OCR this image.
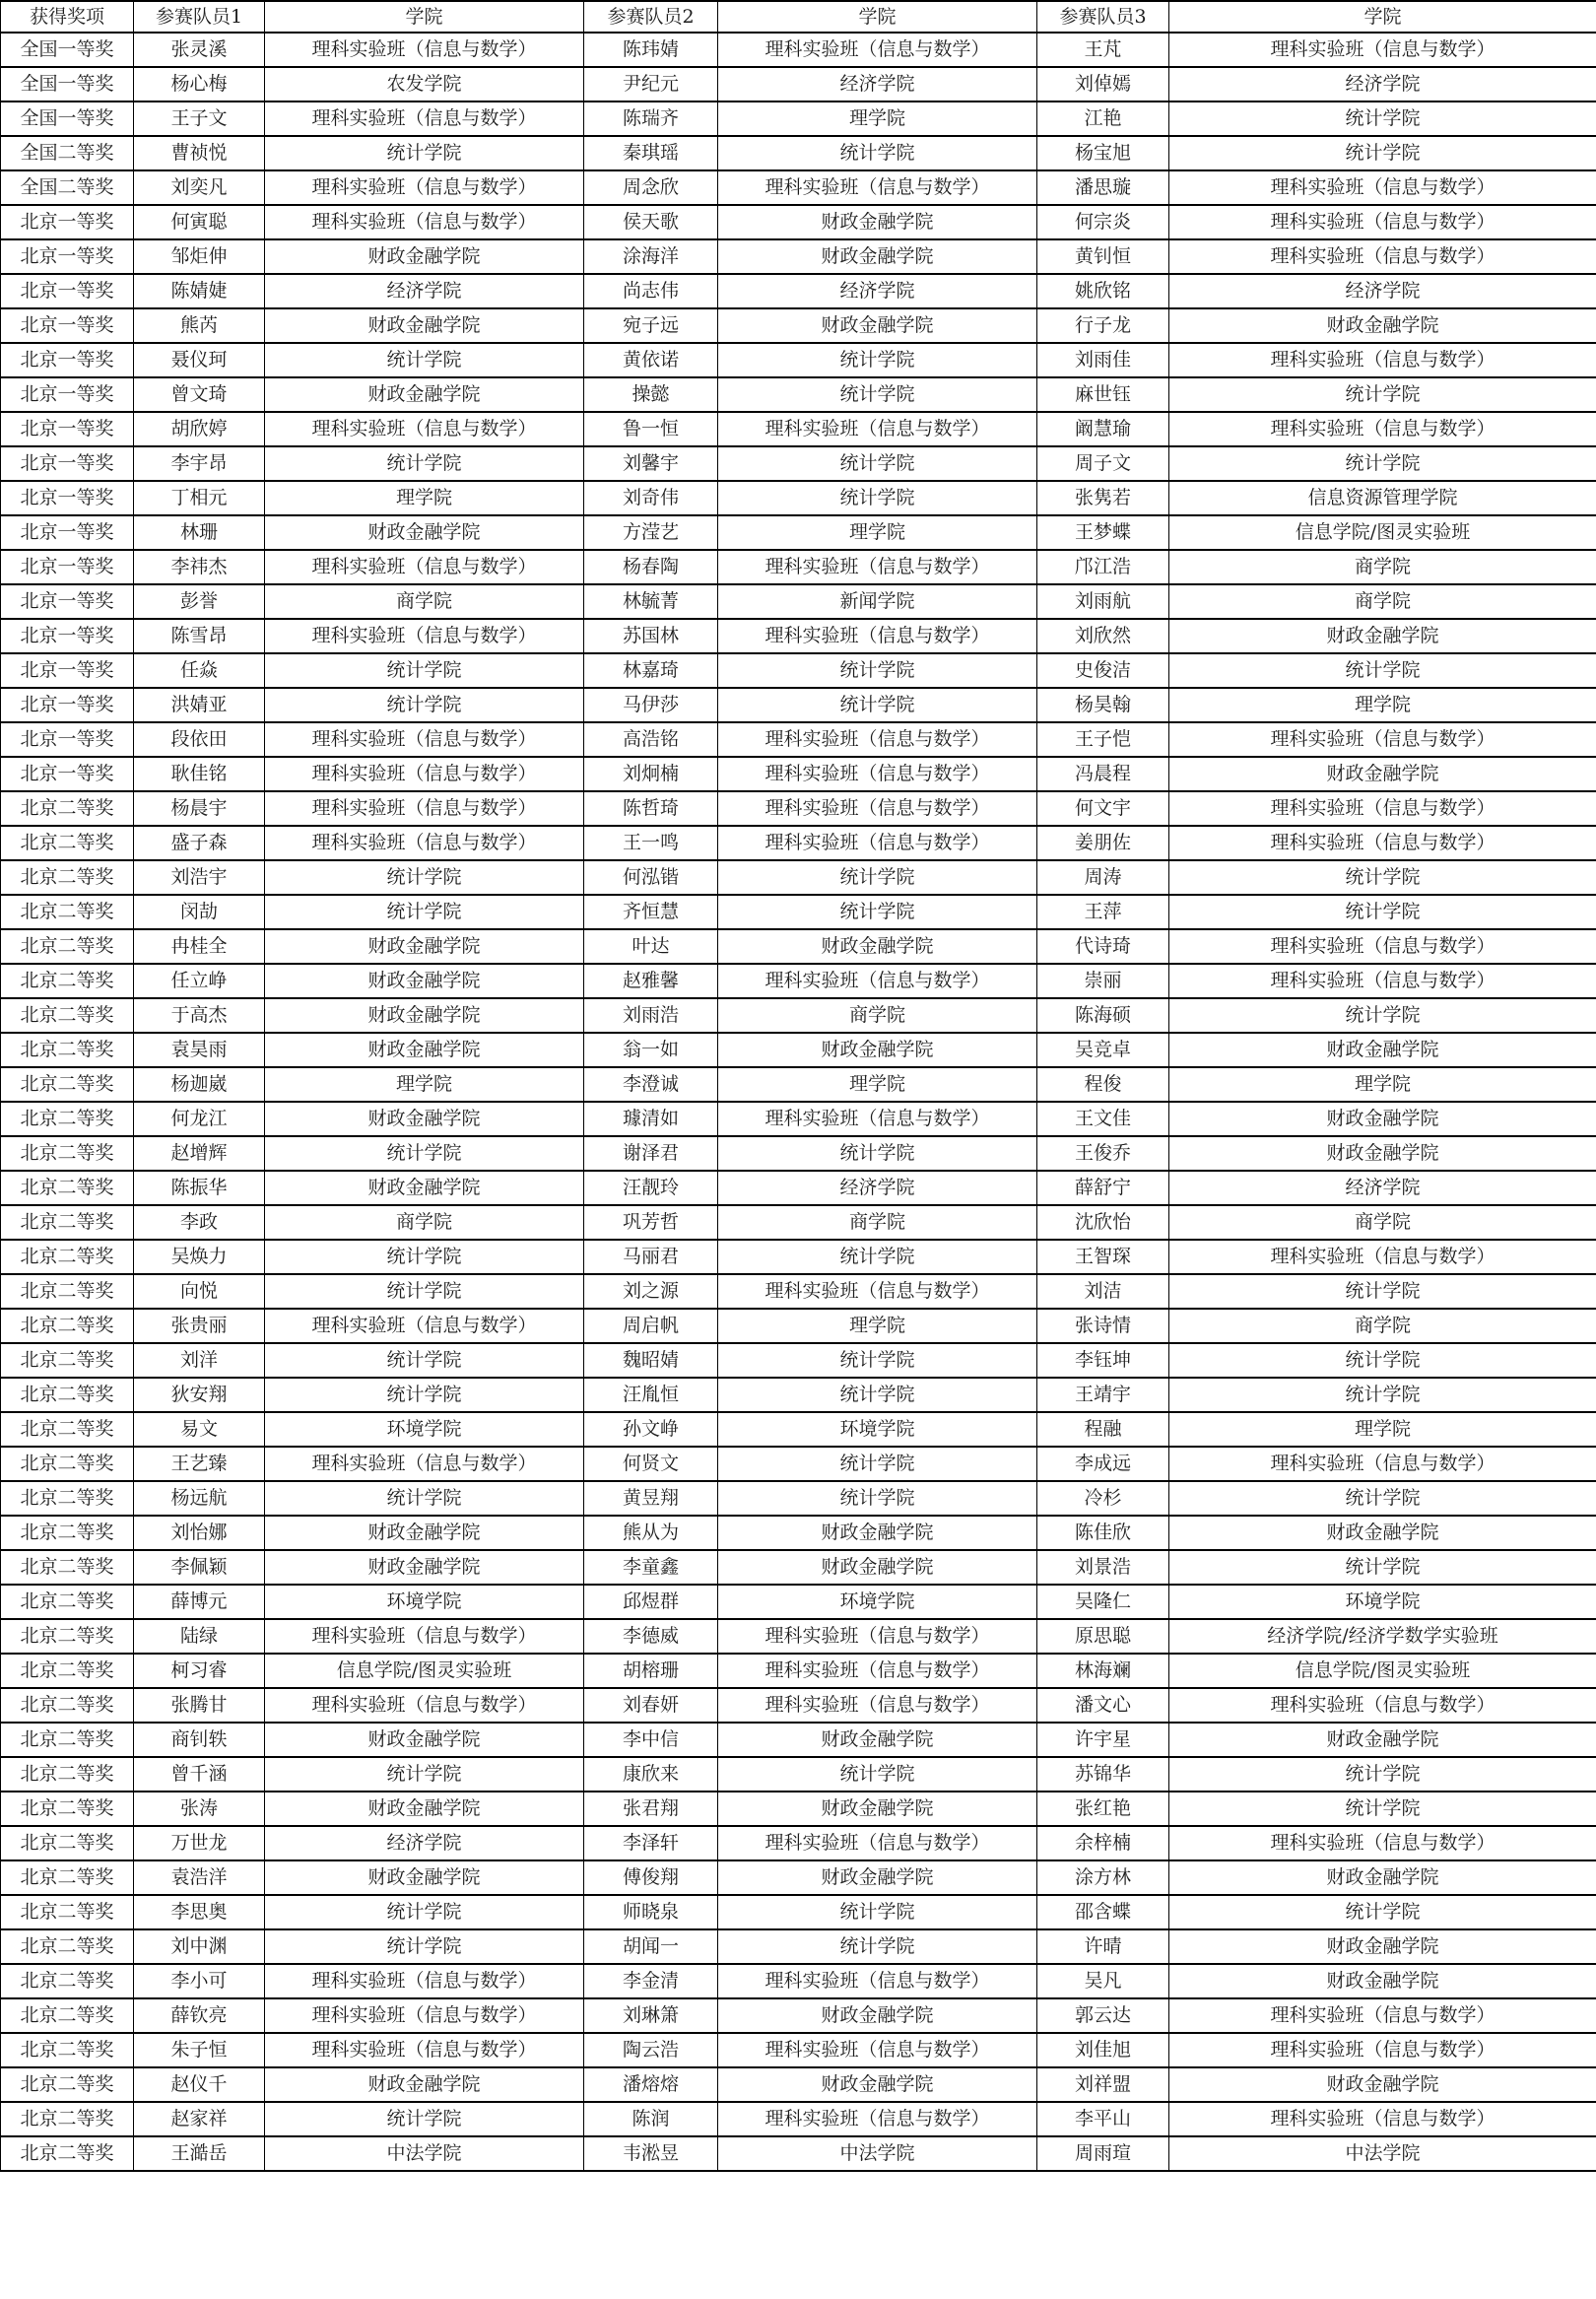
获得奖项	参赛队员1	学院	参赛队员2	学院	参赛队员3	学院
全国一等奖	张灵溪	理科实验班（信息与数学）	陈玮婧	理科实验班（信息与数学）	王芃	理科实验班（信息与数学）
全国一等奖	杨心梅	农发学院	尹纪元	经济学院	刘倬嫣	经济学院
全国一等奖	王子文	理科实验班（信息与数学）	陈瑞齐	理学院	江艳	统计学院
全国二等奖	曹祯悦	统计学院	秦琪瑶	统计学院	杨宝旭	统计学院
全国二等奖	刘奕凡	理科实验班（信息与数学）	周念欣	理科实验班（信息与数学）	潘思璇	理科实验班（信息与数学）
北京一等奖	何寅聪	理科实验班（信息与数学）	侯天歌	财政金融学院	何宗炎	理科实验班（信息与数学）
北京一等奖	邹炬伸	财政金融学院	涂海洋	财政金融学院	黄钊恒	理科实验班（信息与数学）
北京一等奖	陈婧婕	经济学院	尚志伟	经济学院	姚欣铭	经济学院
北京一等奖	熊芮	财政金融学院	宛子远	财政金融学院	行子龙	财政金融学院
北京一等奖	聂仪珂	统计学院	黄依诺	统计学院	刘雨佳	理科实验班（信息与数学）
北京一等奖	曾文琦	财政金融学院	操懿	统计学院	麻世钰	统计学院
北京一等奖	胡欣婷	理科实验班（信息与数学）	鲁一恒	理科实验班（信息与数学）	阚慧瑜	理科实验班（信息与数学）
北京一等奖	李宇昂	统计学院	刘馨宇	统计学院	周子文	统计学院
北京一等奖	丁相元	理学院	刘奇伟	统计学院	张隽若	信息资源管理学院
北京一等奖	林珊	财政金融学院	方滢艺	理学院	王梦蝶	信息学院/图灵实验班
北京一等奖	李祎杰	理科实验班（信息与数学）	杨春陶	理科实验班（信息与数学）	邝江浩	商学院
北京一等奖	彭誉	商学院	林毓菁	新闻学院	刘雨航	商学院
北京一等奖	陈雪昂	理科实验班（信息与数学）	苏国林	理科实验班（信息与数学）	刘欣然	财政金融学院
北京一等奖	任焱	统计学院	林嘉琦	统计学院	史俊洁	统计学院
北京一等奖	洪婧亚	统计学院	马伊莎	统计学院	杨昊翰	理学院
北京一等奖	段依田	理科实验班（信息与数学）	高浩铭	理科实验班（信息与数学）	王子恺	理科实验班（信息与数学）
北京一等奖	耿佳铭	理科实验班（信息与数学）	刘炯楠	理科实验班（信息与数学）	冯晨程	财政金融学院
北京二等奖	杨晨宇	理科实验班（信息与数学）	陈哲琦	理科实验班（信息与数学）	何文宇	理科实验班（信息与数学）
北京二等奖	盛子森	理科实验班（信息与数学）	王一鸣	理科实验班（信息与数学）	姜朋佐	理科实验班（信息与数学）
北京二等奖	刘浩宇	统计学院	何泓锴	统计学院	周涛	统计学院
北京二等奖	闵劼	统计学院	齐恒慧	统计学院	王萍	统计学院
北京二等奖	冉桂全	财政金融学院	叶达	财政金融学院	代诗琦	理科实验班（信息与数学）
北京二等奖	任立峥	财政金融学院	赵雅馨	理科实验班（信息与数学）	崇丽	理科实验班（信息与数学）
北京二等奖	于高杰	财政金融学院	刘雨浩	商学院	陈海硕	统计学院
北京二等奖	袁昊雨	财政金融学院	翁一如	财政金融学院	吴竞卓	财政金融学院
北京二等奖	杨迦崴	理学院	李澄诚	理学院	程俊	理学院
北京二等奖	何龙江	财政金融学院	璩清如	理科实验班（信息与数学）	王文佳	财政金融学院
北京二等奖	赵增辉	统计学院	谢泽君	统计学院	王俊乔	财政金融学院
北京二等奖	陈振华	财政金融学院	汪靓玲	经济学院	薛舒宁	经济学院
北京二等奖	李政	商学院	巩芳哲	商学院	沈欣怡	商学院
北京二等奖	吴焕力	统计学院	马丽君	统计学院	王智琛	理科实验班（信息与数学）
北京二等奖	向悦	统计学院	刘之源	理科实验班（信息与数学）	刘洁	统计学院
北京二等奖	张贵丽	理科实验班（信息与数学）	周启帆	理学院	张诗情	商学院
北京二等奖	刘洋	统计学院	魏昭婧	统计学院	李钰坤	统计学院
北京二等奖	狄安翔	统计学院	汪胤恒	统计学院	王靖宇	统计学院
北京二等奖	易文	环境学院	孙文峥	环境学院	程融	理学院
北京二等奖	王艺臻	理科实验班（信息与数学）	何贤文	统计学院	李成远	理科实验班（信息与数学）
北京二等奖	杨远航	统计学院	黄昱翔	统计学院	冷杉	统计学院
北京二等奖	刘怡娜	财政金融学院	熊从为	财政金融学院	陈佳欣	财政金融学院
北京二等奖	李佩颖	财政金融学院	李童鑫	财政金融学院	刘景浩	统计学院
北京二等奖	薛博元	环境学院	邱煜群	环境学院	吴隆仁	环境学院
北京二等奖	陆绿	理科实验班（信息与数学）	李德威	理科实验班（信息与数学）	原思聪	经济学院/经济学数学实验班
北京二等奖	柯习睿	信息学院/图灵实验班	胡榕珊	理科实验班（信息与数学）	林海斓	信息学院/图灵实验班
北京二等奖	张腾甘	理科实验班（信息与数学）	刘春妍	理科实验班（信息与数学）	潘文心	理科实验班（信息与数学）
北京二等奖	商钊轶	财政金融学院	李中信	财政金融学院	许宇星	财政金融学院
北京二等奖	曾千涵	统计学院	康欣来	统计学院	苏锦华	统计学院
北京二等奖	张涛	财政金融学院	张君翔	财政金融学院	张红艳	统计学院
北京二等奖	万世龙	经济学院	李泽轩	理科实验班（信息与数学）	余梓楠	理科实验班（信息与数学）
北京二等奖	袁浩洋	财政金融学院	傅俊翔	财政金融学院	涂方林	财政金融学院
北京二等奖	李思奥	统计学院	师晓泉	统计学院	邵含蝶	统计学院
北京二等奖	刘中渊	统计学院	胡闻一	统计学院	许晴	财政金融学院
北京二等奖	李小可	理科实验班（信息与数学）	李金清	理科实验班（信息与数学）	吴凡	财政金融学院
北京二等奖	薛钦亮	理科实验班（信息与数学）	刘琳箫	财政金融学院	郭云达	理科实验班（信息与数学）
北京二等奖	朱子恒	理科实验班（信息与数学）	陶云浩	理科实验班（信息与数学）	刘佳旭	理科实验班（信息与数学）
北京二等奖	赵仪千	财政金融学院	潘熔熔	财政金融学院	刘祥盟	财政金融学院
北京二等奖	赵家祥	统计学院	陈润	理科实验班（信息与数学）	李平山	理科实验班（信息与数学）
北京二等奖	王澔岳	中法学院	韦淞昱	中法学院	周雨瑄	中法学院
